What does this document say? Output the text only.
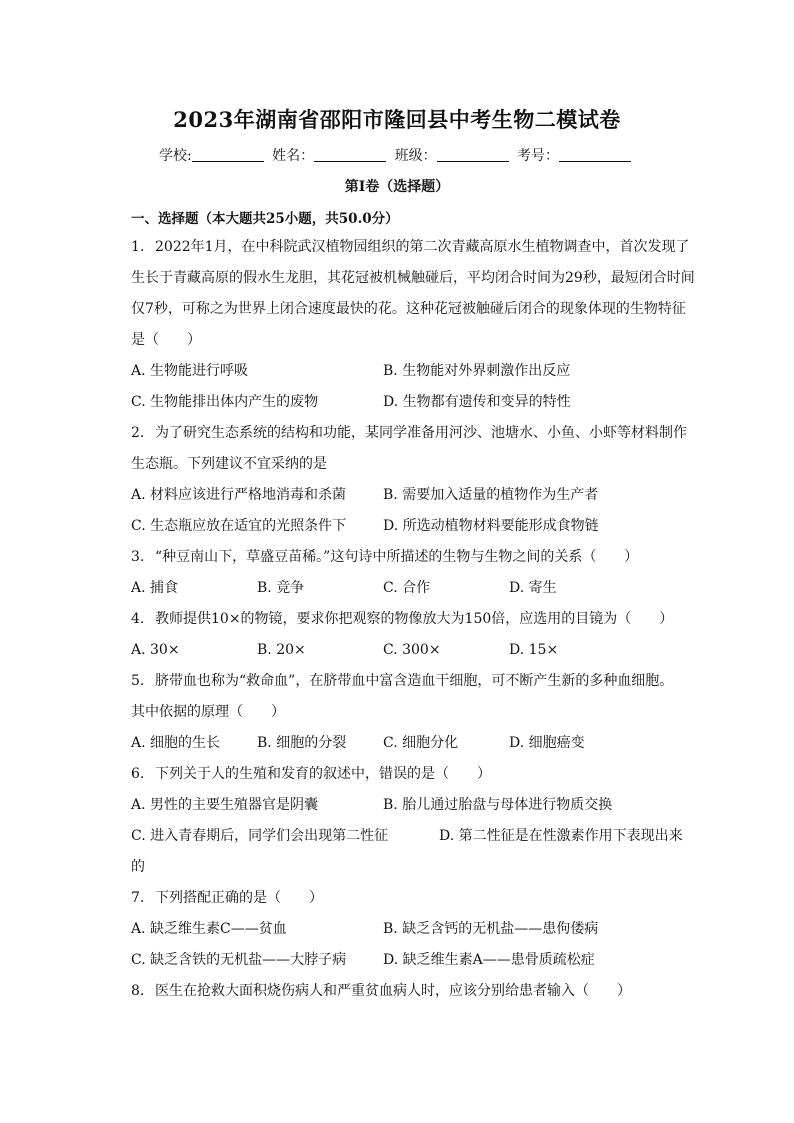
2023年湖南省邵阳市隆回县中考生物二模试卷
学校:	姓名：	班级：	考号：
第I卷（选择题）
一、选择题（本大题共25小题，共50.0分）
1. 2022年1月，在中科院武汉植物园组织的第二次青藏高原水生植物调查中，首次发现了
生长于青藏高原的假水生龙胆，其花冠被机械触碰后，平均闭合时间为29秒，最短闭合时间
仅7秒，可称之为世界上闭合速度最快的花。这种花冠被触碰后闭合的现象体现的生物特征
是（　　）
A. 生物能进行呼吸	B. 生物能对外界刺激作出反应
C. 生物能排出体内产生的废物	D. 生物都有遗传和变异的特性
2. 为了研究生态系统的结构和功能，某同学准备用河沙、池塘水、小鱼、小虾等材料制作
生态瓶。下列建议不宜采纳的是
A. 材料应该进行严格地消毒和杀菌	B. 需要加入适量的植物作为生产者
C. 生态瓶应放在适宜的光照条件下	D. 所选动植物材料要能形成食物链
3. “种豆南山下，草盛豆苗稀。”这句诗中所描述的生物与生物之间的关系（　　）
A. 捕食	B. 竞争	C. 合作	D. 寄生
4. 教师提供10×的物镜，要求你把观察的物像放大为150倍，应选用的目镜为（　　）
A. 30×	B. 20×	C. 300×	D. 15×
5. 脐带血也称为“救命血”，在脐带血中富含造血干细胞，可不断产生新的多种血细胞。
其中依据的原理（　　）
A. 细胞的生长	B. 细胞的分裂	C. 细胞分化	D. 细胞癌变
6. 下列关于人的生殖和发育的叙述中，错误的是（　　）
A. 男性的主要生殖器官是阴囊	B. 胎儿通过胎盘与母体进行物质交换
C. 进入青春期后，同学们会出现第二性征	D. 第二性征是在性激素作用下表现出来
的
7. 下列搭配正确的是（　　）
A. 缺乏维生素C——贫血	B. 缺乏含钙的无机盐——患佝偻病
C. 缺乏含铁的无机盐——大脖子病	D. 缺乏维生素A——患骨质疏松症
8. 医生在抢救大面积烧伤病人和严重贫血病人时，应该分别给患者输入（　　）
